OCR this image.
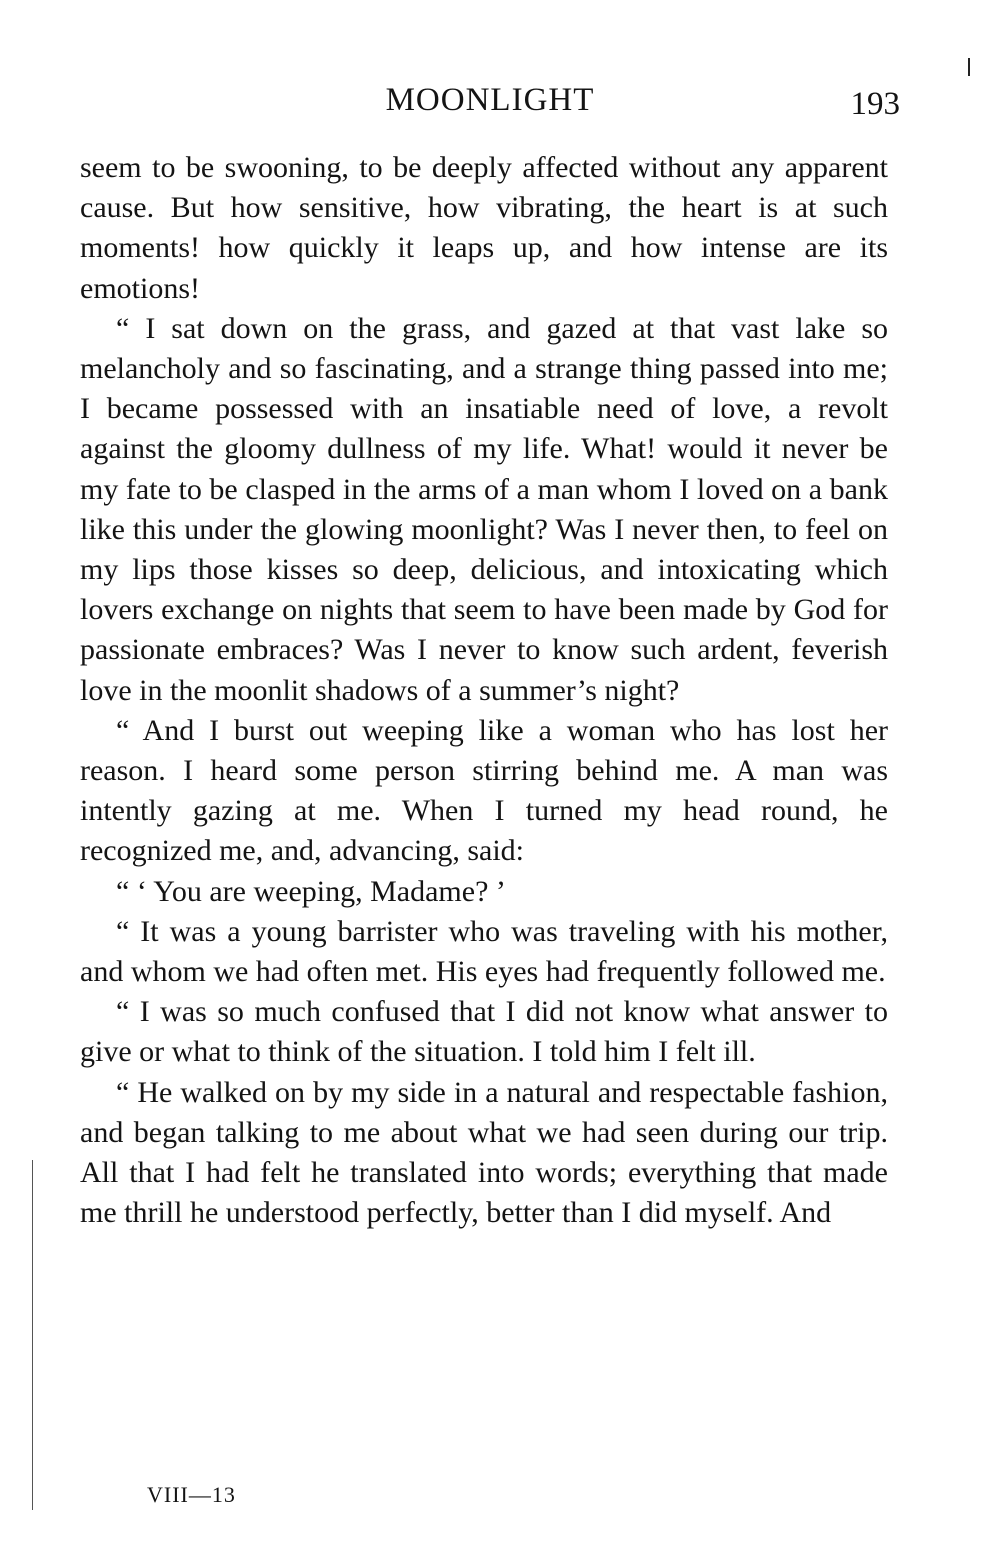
MOONLIGHT	193

seem to be swooning, to be deeply affected without any apparent cause. But how sensitive, how vibrating, the heart is at such moments! how quickly it leaps up, and how intense are its emotions!

“ I sat down on the grass, and gazed at that vast lake so melancholy and so fascinating, and a strange thing passed into me; I became possessed with an insatiable need of love, a revolt against the gloomy dullness of my life. What! would it never be my fate to be clasped in the arms of a man whom I loved on a bank like this under the glowing moonlight? Was I never then, to feel on my lips those kisses so deep, delicious, and intoxicating which lovers exchange on nights that seem to have been made by God for passionate embraces? Was I never to know such ardent, feverish love in the moonlit shadows of a summer’s night?

“ And I burst out weeping like a woman who has lost her reason. I heard some person stirring behind me. A man was intently gazing at me. When I turned my head round, he recognized me, and, advancing, said:

“ ‘ You are weeping, Madame? ’

“ It was a young barrister who was traveling with his mother, and whom we had often met. His eyes had frequently followed me.

“ I was so much confused that I did not know what answer to give or what to think of the situation. I told him I felt ill.

“ He walked on by my side in a natural and respectable fashion, and began talking to me about what we had seen during our trip. All that I had felt he translated into words; everything that made me thrill he understood perfectly, better than I did myself. And

VIII—13
